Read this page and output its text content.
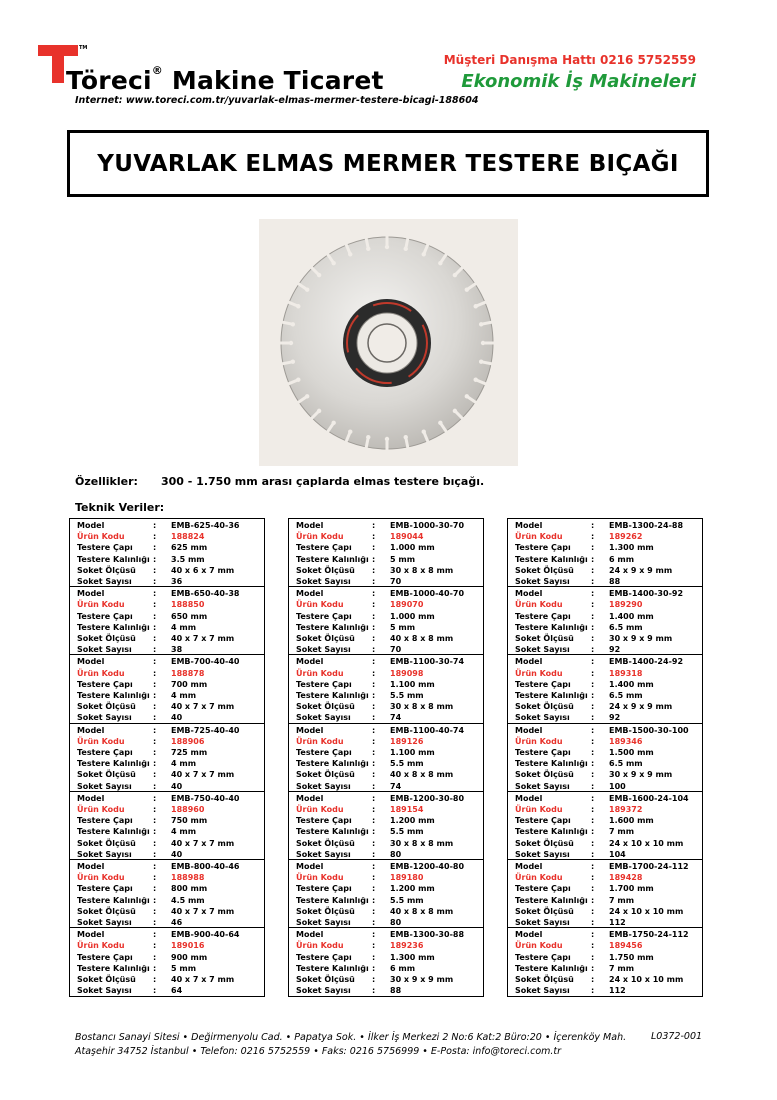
TM
Töreci® Makine Ticaret
Internet: www.toreci.com.tr/yuvarlak-elmas-mermer-testere-bicagi-188604
Müşteri Danışma Hattı 0216 5752559
Ekonomik İş Makineleri
YUVARLAK ELMAS MERMER TESTERE BIÇAĞI
Özellikler: 300 - 1.750 mm arası çaplarda elmas testere bıçağı.
Teknik Veriler:
Model	: EMB-625-40-36
Ürün Kodu	: 188824
Testere Çapı	: 625 mm
Testere Kalınlığı : 3.5 mm
Soket Ölçüsü : 40 x 6 x 7 mm
Soket Sayısı	: 36
Model	: EMB-650-40-38
Ürün Kodu	: 188850
Testere Çapı	: 650 mm
Testere Kalınlığı : 4 mm
Soket Ölçüsü : 40 x 7 x 7 mm
Soket Sayısı	: 38
Model	: EMB-700-40-40
Ürün Kodu	: 188878
Testere Çapı	: 700 mm
Testere Kalınlığı : 4 mm
Soket Ölçüsü : 40 x 7 x 7 mm
Soket Sayısı	: 40
Model	: EMB-725-40-40
Ürün Kodu	: 188906
Testere Çapı	: 725 mm
Testere Kalınlığı : 4 mm
Soket Ölçüsü : 40 x 7 x 7 mm
Soket Sayısı	: 40
Model	: EMB-750-40-40
Ürün Kodu	: 188960
Testere Çapı	: 750 mm
Testere Kalınlığı : 4 mm
Soket Ölçüsü : 40 x 7 x 7 mm
Soket Sayısı	: 40
Model	: EMB-800-40-46
Ürün Kodu	: 188988
Testere Çapı	: 800 mm
Testere Kalınlığı : 4.5 mm
Soket Ölçüsü : 40 x 7 x 7 mm
Soket Sayısı	: 46
Model	: EMB-900-40-64
Ürün Kodu	: 189016
Testere Çapı	: 900 mm
Testere Kalınlığı : 5 mm
Soket Ölçüsü : 40 x 7 x 7 mm
Soket Sayısı	: 64
Model	: EMB-1000-30-70
Ürün Kodu	: 189044
Testere Çapı	: 1.000 mm
Testere Kalınlığı : 5 mm
Soket Ölçüsü : 30 x 8 x 8 mm
Soket Sayısı	: 70
Model	: EMB-1000-40-70
Ürün Kodu	: 189070
Testere Çapı	: 1.000 mm
Testere Kalınlığı : 5 mm
Soket Ölçüsü : 40 x 8 x 8 mm
Soket Sayısı	: 70
Model	: EMB-1100-30-74
Ürün Kodu	: 189098
Testere Çapı	: 1.100 mm
Testere Kalınlığı : 5.5 mm
Soket Ölçüsü : 30 x 8 x 8 mm
Soket Sayısı	: 74
Model	: EMB-1100-40-74
Ürün Kodu	: 189126
Testere Çapı	: 1.100 mm
Testere Kalınlığı : 5.5 mm
Soket Ölçüsü : 40 x 8 x 8 mm
Soket Sayısı	: 74
Model	: EMB-1200-30-80
Ürün Kodu	: 189154
Testere Çapı	: 1.200 mm
Testere Kalınlığı : 5.5 mm
Soket Ölçüsü : 30 x 8 x 8 mm
Soket Sayısı	: 80
Model	: EMB-1200-40-80
Ürün Kodu	: 189180
Testere Çapı	: 1.200 mm
Testere Kalınlığı : 5.5 mm
Soket Ölçüsü : 40 x 8 x 8 mm
Soket Sayısı	: 80
Model	: EMB-1300-30-88
Ürün Kodu	: 189236
Testere Çapı	: 1.300 mm
Testere Kalınlığı : 6 mm
Soket Ölçüsü : 30 x 9 x 9 mm
Soket Sayısı	: 88
Model	: EMB-1300-24-88
Ürün Kodu	: 189262
Testere Çapı	: 1.300 mm
Testere Kalınlığı : 6 mm
Soket Ölçüsü : 24 x 9 x 9 mm
Soket Sayısı	: 88
Model	: EMB-1400-30-92
Ürün Kodu	: 189290
Testere Çapı	: 1.400 mm
Testere Kalınlığı : 6.5 mm
Soket Ölçüsü : 30 x 9 x 9 mm
Soket Sayısı	: 92
Model	: EMB-1400-24-92
Ürün Kodu	: 189318
Testere Çapı	: 1.400 mm
Testere Kalınlığı : 6.5 mm
Soket Ölçüsü : 24 x 9 x 9 mm
Soket Sayısı	: 92
Model	: EMB-1500-30-100
Ürün Kodu	: 189346
Testere Çapı	: 1.500 mm
Testere Kalınlığı : 6.5 mm
Soket Ölçüsü : 30 x 9 x 9 mm
Soket Sayısı	: 100
Model	: EMB-1600-24-104
Ürün Kodu	: 189372
Testere Çapı	: 1.600 mm
Testere Kalınlığı : 7 mm
Soket Ölçüsü : 24 x 10 x 10 mm
Soket Sayısı	: 104
Model	: EMB-1700-24-112
Ürün Kodu	: 189428
Testere Çapı	: 1.700 mm
Testere Kalınlığı : 7 mm
Soket Ölçüsü : 24 x 10 x 10 mm
Soket Sayısı	: 112
Model	: EMB-1750-24-112
Ürün Kodu	: 189456
Testere Çapı	: 1.750 mm
Testere Kalınlığı : 7 mm
Soket Ölçüsü : 24 x 10 x 10 mm
Soket Sayısı	: 112
Bostancı Sanayi Sitesi • Değirmenyolu Cad. • Papatya Sok. • İlker İş Merkezi 2 No:6 Kat:2 Büro:20 • İçerenköy Mah.
Ataşehir 34752 İstanbul • Telefon: 0216 5752559 • Faks: 0216 5756999 • E-Posta: info@toreci.com.tr
L0372-001
